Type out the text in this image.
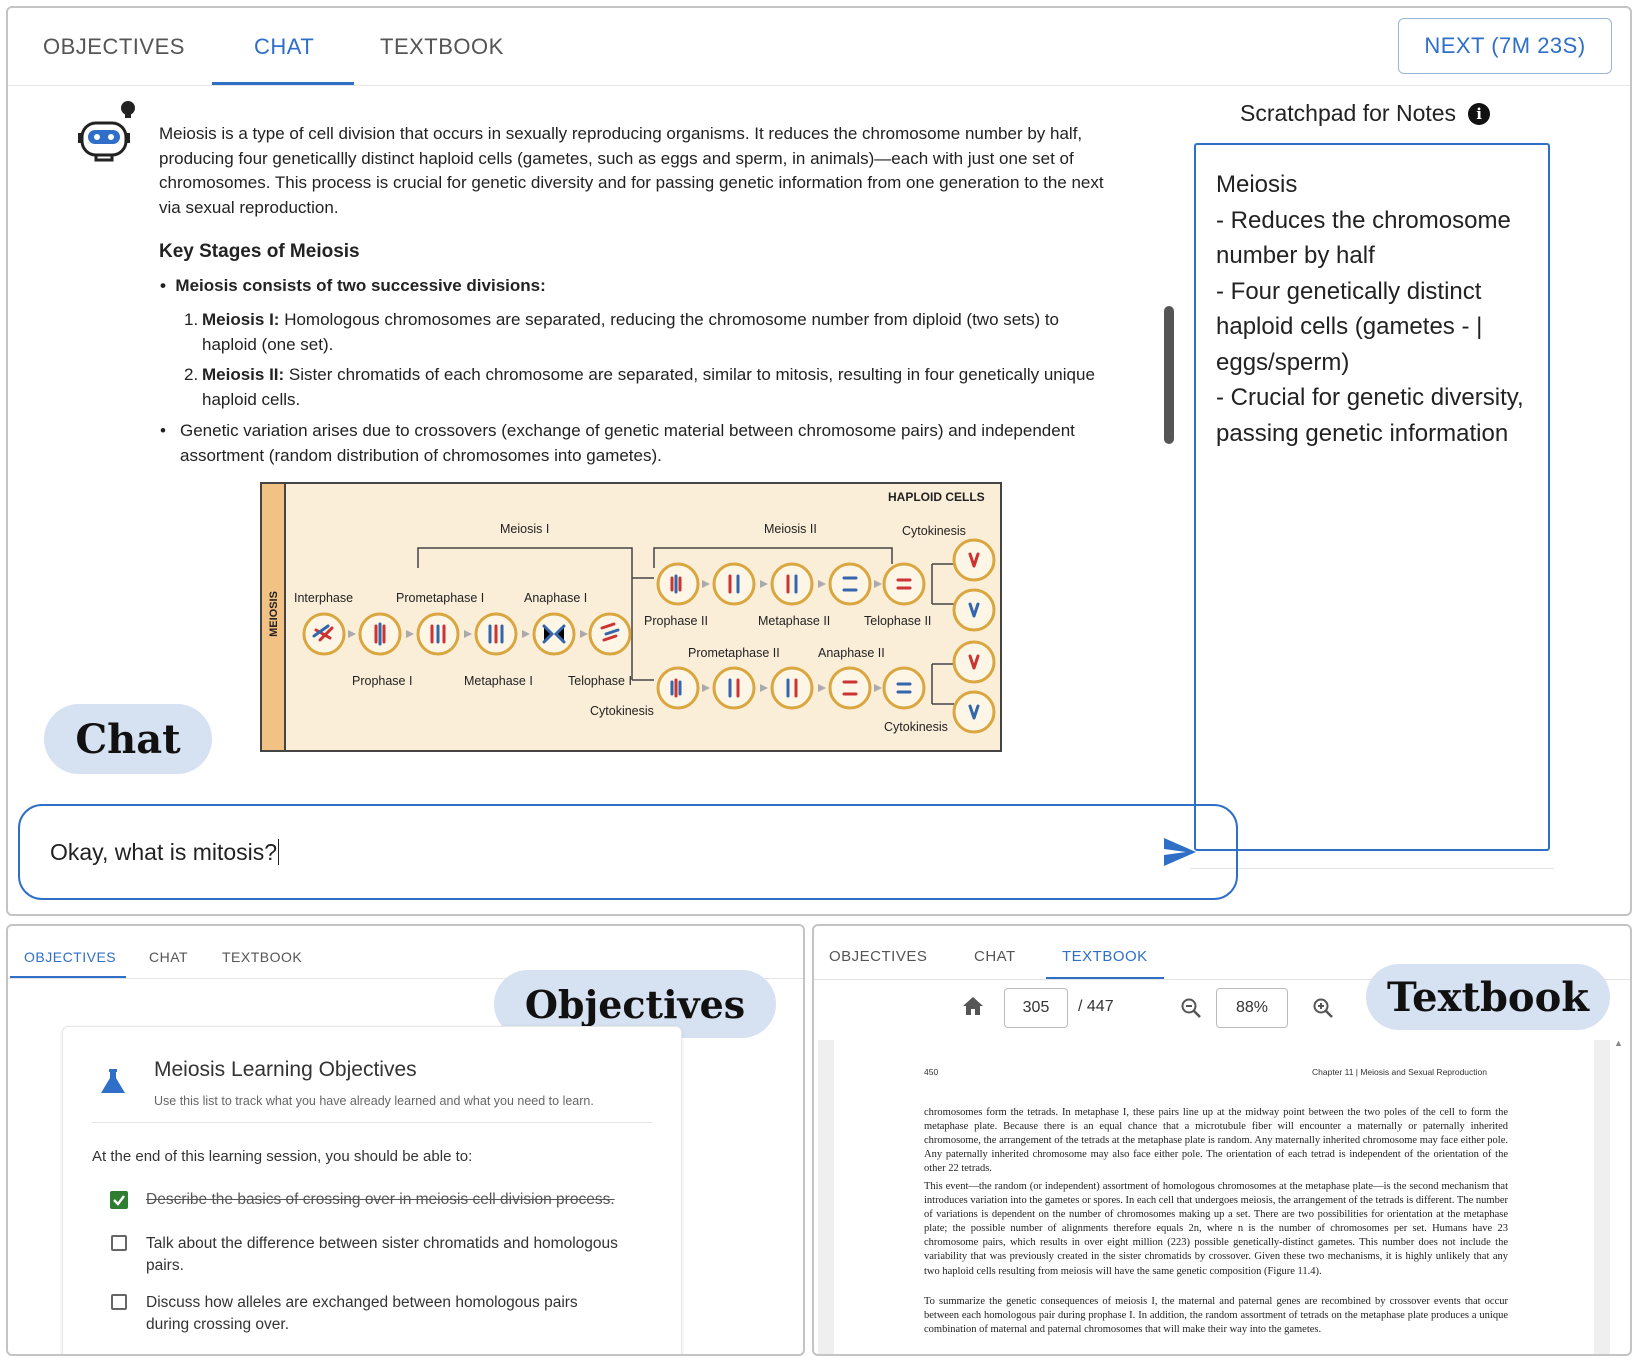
OBJECTIVES	CHAT	TEXTBOOK	NEXT (7M 23S)
Meiosis is a type of cell division that occurs in sexually reproducing organisms. It reduces the chromosome number by half, producing four geneticallly distinct haploid cells (gametes, such as eggs and sperm, in animals)—each with just one set of chromosomes. This process is crucial for genetic diversity and for passing genetic information from one generation to the next via sexual reproduction.
Key Stages of Meiosis
•  Meiosis consists of two successive divisions:
1. Meiosis I: Homologous chromosomes are separated, reducing the chromosome number from diploid (two sets) to haploid (one set).
2. Meiosis II: Sister chromatids of each chromosome are separated, similar to mitosis, resulting in four genetically unique haploid cells.
• Genetic variation arises due to crossovers (exchange of genetic material between chromosome pairs) and independent assortment (random distribution of chromosomes into gametes).
MEIOSIS
HAPLOID CELLS
Meiosis I	Meiosis II	Cytokinesis
Interphase	Prometaphase I	Anaphase I
Prophase I	Metaphase I	Telophase I
Cytokinesis
Prophase II	Metaphase II	Telophase II
Prometaphase II	Anaphase II
Cytokinesis
Scratchpad for Notes	i
Meiosis
- Reduces the chromosome
number by half
- Four genetically distinct
haploid cells (gametes - |
eggs/sperm)
- Crucial for genetic diversity,
passing genetic information
Chat
Okay, what is mitosis?
OBJECTIVES CHAT TEXTBOOK
Objectives
Meiosis Learning Objectives
Use this list to track what you have already learned and what you need to learn.
At the end of this learning session, you should be able to:
Describe the basics of crossing over in meiosis cell division process.
Talk about the difference between sister chromatids and homologous pairs.
Discuss how alleles are exchanged between homologous pairs during crossing over.
OBJECTIVES	CHAT	TEXTBOOK
305 / 447	88%	Textbook
▲
450	Chapter 11 | Meiosis and Sexual Reproduction
chromosomes form the tetrads. In metaphase I, these pairs line up at the midway point between the two poles of the cell to form the metaphase plate. Because there is an equal chance that a microtubule fiber will encounter a maternally or paternally inherited chromosome, the arrangement of the tetrads at the metaphase plate is random. Any maternally inherited chromosome may face either pole. Any paternally inherited chromosome may also face either pole. The orientation of each tetrad is independent of the orientation of the other 22 tetrads.
This event—the random (or independent) assortment of homologous chromosomes at the metaphase plate—is the second mechanism that introduces variation into the gametes or spores. In each cell that undergoes meiosis, the arrangement of the tetrads is different. The number of variations is dependent on the number of chromosomes making up a set. There are two possibilities for orientation at the metaphase plate; the possible number of alignments therefore equals 2n, where n is the number of chromosomes per set. Humans have 23 chromosome pairs, which results in over eight million (223) possible genetically-distinct gametes. This number does not include the variability that was previously created in the sister chromatids by crossover. Given these two mechanisms, it is highly unlikely that any two haploid cells resulting from meiosis will have the same genetic composition (Figure 11.4).
To summarize the genetic consequences of meiosis I, the maternal and paternal genes are recombined by crossover events that occur between each homologous pair during prophase I. In addition, the random assortment of tetrads on the metaphase plate produces a unique combination of maternal and paternal chromosomes that will make their way into the gametes.
